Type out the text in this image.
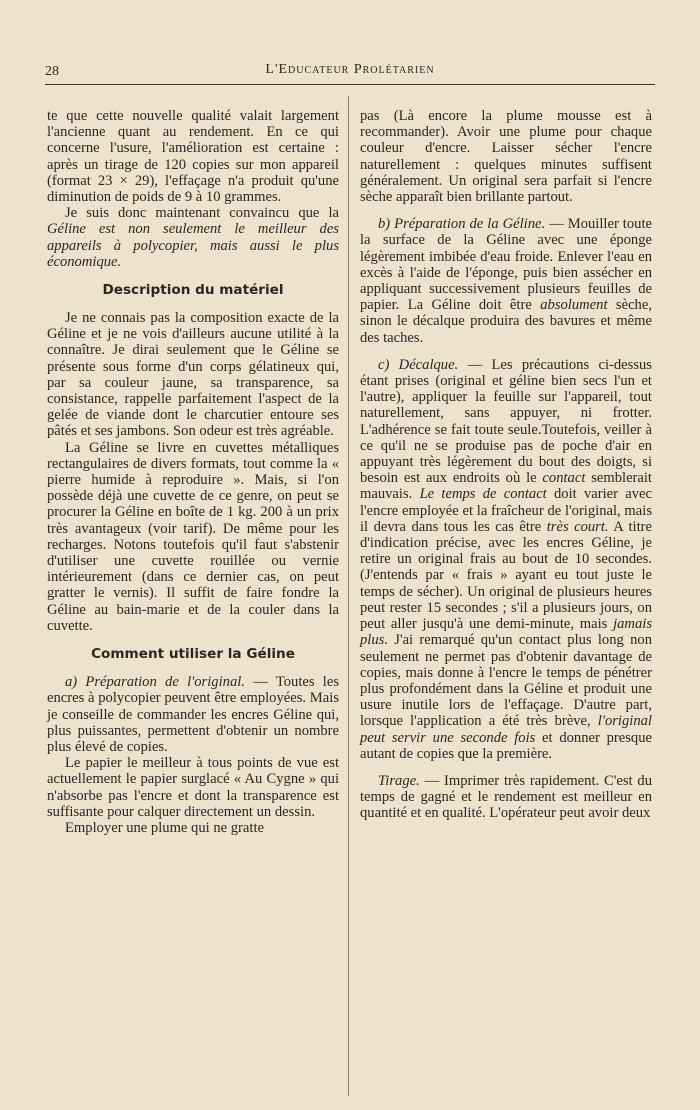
28	L'Educateur Prolétarien

te que cette nouvelle qualité valait largement l'ancienne quant au rendement. En ce qui concerne l'usure, l'amélioration est certaine : après un tirage de 120 copies sur mon appareil (format 23 × 29), l'effaçage n'a produit qu'une diminution de poids de 9 à 10 grammes.

Je suis donc maintenant convaincu que la Géline est non seulement le meilleur des appareils à polycopier, mais aussi le plus économique.

Description du matériel

Je ne connais pas la composition exacte de la Géline et je ne vois d'ailleurs aucune utilité à la connaître. Je dirai seulement que le Géline se présente sous forme d'un corps gélatineux qui, par sa couleur jaune, sa transparence, sa consistance, rappelle parfaitement l'aspect de la gelée de viande dont le charcutier entoure ses pâtés et ses jambons. Son odeur est très agréable.

La Géline se livre en cuvettes métalliques rectangulaires de divers formats, tout comme la « pierre humide à reproduire ». Mais, si l'on possède déjà une cuvette de ce genre, on peut se procurer la Géline en boîte de 1 kg. 200 à un prix très avantageux (voir tarif). De même pour les recharges. Notons toutefois qu'il faut s'abstenir d'utiliser une cuvette rouillée ou vernie intérieurement (dans ce dernier cas, on peut gratter le vernis). Il suffit de faire fondre la Géline au bain-marie et de la couler dans la cuvette.

Comment utiliser la Géline

a) Préparation de l'original. — Toutes les encres à polycopier peuvent être employées. Mais je conseille de commander les encres Géline qui, plus puissantes, permettent d'obtenir un nombre plus élevé de copies.

Le papier le meilleur à tous points de vue est actuellement le papier surglacé « Au Cygne » qui n'absorbe pas l'encre et dont la transparence est suffisante pour calquer directement un dessin.

Employer une plume qui ne gratte

pas (Là encore la plume mousse est à recommander). Avoir une plume pour chaque couleur d'encre. Laisser sécher l'encre naturellement : quelques minutes suffisent généralement. Un original sera parfait si l'encre sèche apparaît bien brillante partout.

b) Préparation de la Géline. — Mouiller toute la surface de la Géline avec une éponge légèrement imbibée d'eau froide. Enlever l'eau en excès à l'aide de l'éponge, puis bien assécher en appliquant successivement plusieurs feuilles de papier. La Géline doit être absolument sèche, sinon le décalque produira des bavures et même des taches.

c) Décalque. — Les précautions ci-dessus étant prises (original et géline bien secs l'un et l'autre), appliquer la feuille sur l'appareil, tout naturellement, sans appuyer, ni frotter. L'adhérence se fait toute seule.Toutefois, veiller à ce qu'il ne se produise pas de poche d'air en appuyant très légèrement du bout des doigts, si besoin est aux endroits où le contact semblerait mauvais. Le temps de contact doit varier avec l'encre employée et la fraîcheur de l'original, mais il devra dans tous les cas être très court. A titre d'indication précise, avec les encres Géline, je retire un original frais au bout de 10 secondes. (J'entends par « frais » ayant eu tout juste le temps de sécher). Un original de plusieurs heures peut rester 15 secondes ; s'il a plusieurs jours, on peut aller jusqu'à une demi-minute, mais jamais plus. J'ai remarqué qu'un contact plus long non seulement ne permet pas d'obtenir davantage de copies, mais donne à l'encre le temps de pénétrer plus profondément dans la Géline et produit une usure inutile lors de l'effaçage. D'autre part, lorsque l'application a été très brève, l'original peut servir une seconde fois et donner presque autant de copies que la première.

Tirage. — Imprimer très rapidement. C'est du temps de gagné et le rendement est meilleur en quantité et en qualité. L'opérateur peut avoir deux
